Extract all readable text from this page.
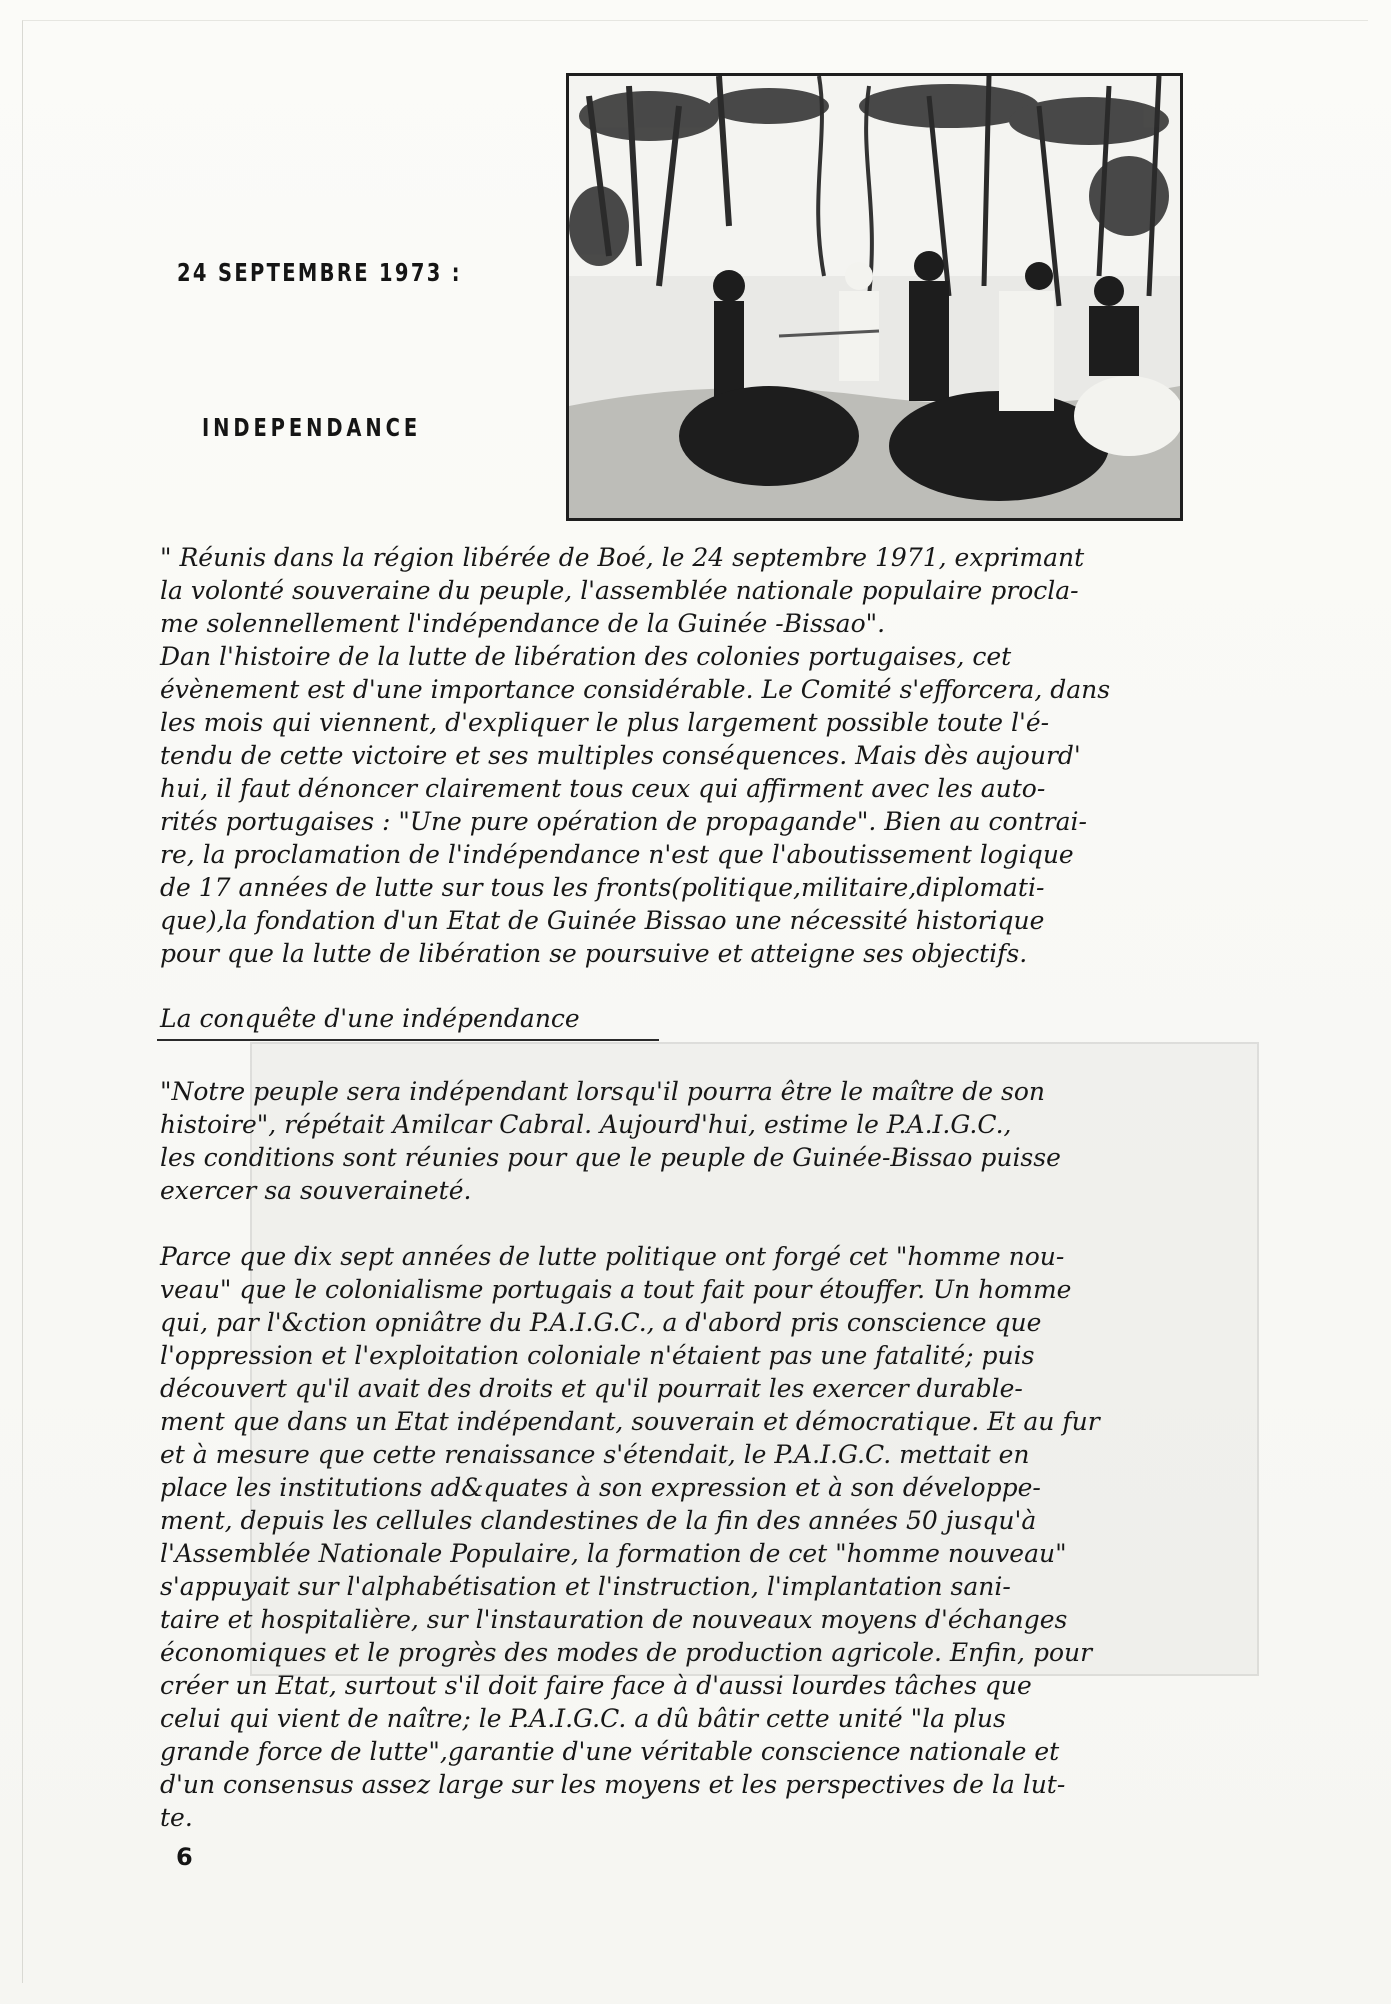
24 SEPTEMBRE 1973 :
INDEPENDANCE
" Réunis dans la région libérée de Boé, le 24 septembre 1971, exprimant
la volonté souveraine du peuple, l'assemblée nationale populaire procla-
me solennellement l'indépendance de la Guinée -Bissao".
Dan l'histoire de la lutte de libération des colonies portugaises, cet
évènement est d'une importance considérable. Le Comité s'efforcera, dans
les mois qui viennent, d'expliquer le plus largement possible toute l'é-
tendu de cette victoire et ses multiples conséquences. Mais dès aujourd'
hui, il faut dénoncer clairement tous ceux qui affirment avec les auto-
rités portugaises : "Une pure opération de propagande". Bien au contrai-
re, la proclamation de l'indépendance n'est que l'aboutissement logique
de 17 années de lutte sur tous les fronts(politique,militaire,diplomati-
que),la fondation d'un Etat de Guinée Bissao une nécessité historique
pour que la lutte de libération se poursuive et atteigne ses objectifs.
La conquête d'une indépendance
"Notre peuple sera indépendant lorsqu'il pourra être le maître de son
histoire", répétait Amilcar Cabral. Aujourd'hui, estime le P.A.I.G.C.,
les conditions sont réunies pour que le peuple de Guinée-Bissao puisse
exercer sa souveraineté.
Parce que dix sept années de lutte politique ont forgé cet "homme nou-
veau" que le colonialisme portugais a tout fait pour étouffer. Un homme
qui, par l'&ction opniâtre du P.A.I.G.C., a d'abord pris conscience que
l'oppression et l'exploitation coloniale n'étaient pas une fatalité; puis
découvert qu'il avait des droits et qu'il pourrait les exercer durable-
ment que dans un Etat indépendant, souverain et démocratique. Et au fur
et à mesure que cette renaissance s'étendait, le P.A.I.G.C. mettait en
place les institutions ad&quates à son expression et à son développe-
ment, depuis les cellules clandestines de la fin des années 50 jusqu'à
l'Assemblée Nationale Populaire, la formation de cet "homme nouveau"
s'appuyait sur l'alphabétisation et l'instruction, l'implantation sani-
taire et hospitalière, sur l'instauration de nouveaux moyens d'échanges
économiques et le progrès des modes de production agricole. Enfin, pour
créer un Etat, surtout s'il doit faire face à d'aussi lourdes tâches que
celui qui vient de naître; le P.A.I.G.C. a dû bâtir cette unité "la plus
grande force de lutte",garantie d'une véritable conscience nationale et
d'un consensus assez large sur les moyens et les perspectives de la lut-
te.
6
